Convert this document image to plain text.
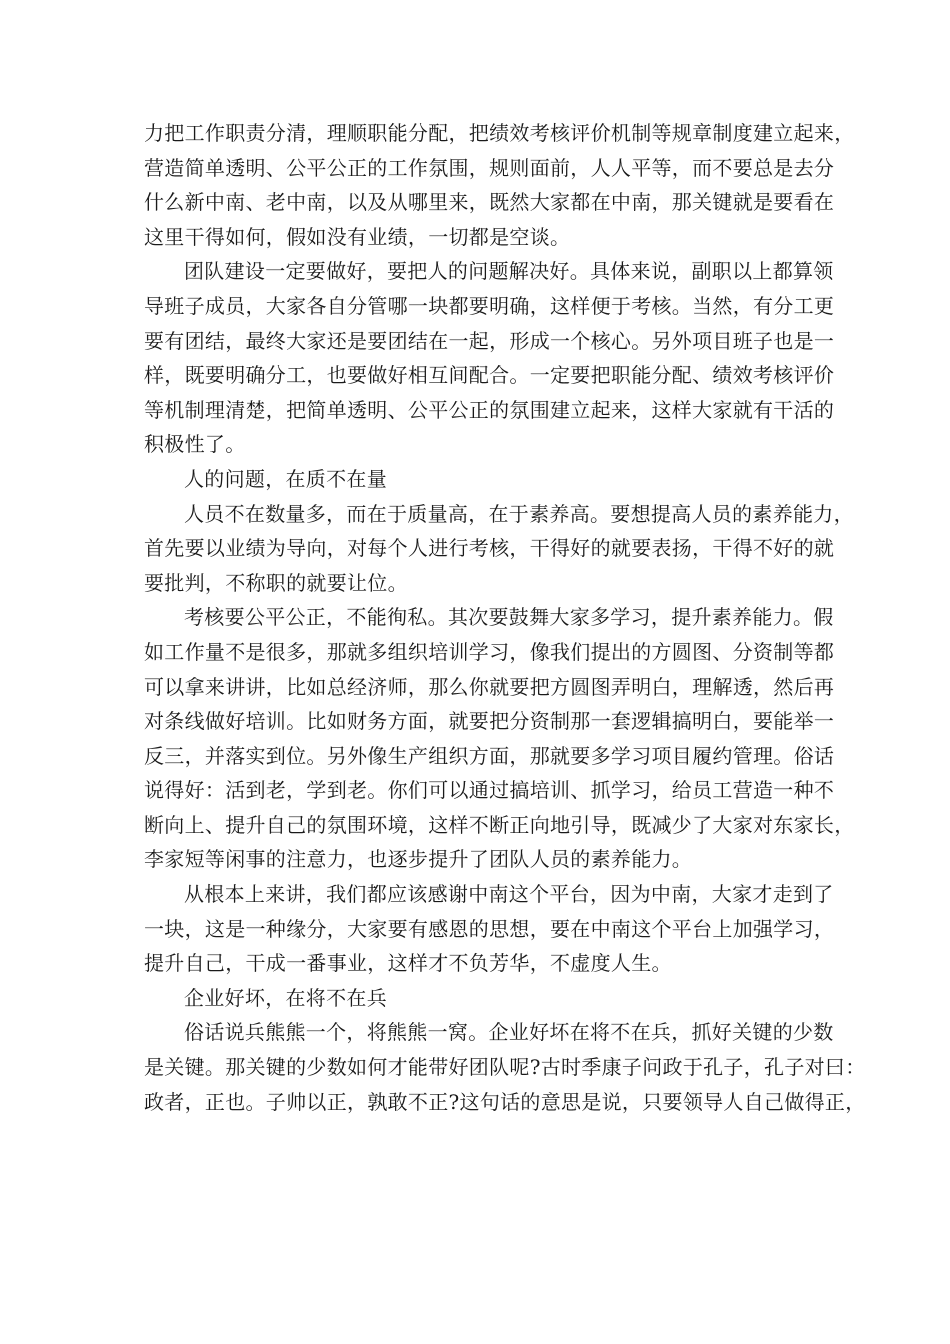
力把工作职责分清，理顺职能分配，把绩效考核评价机制等规章制度建立起来，
营造简单透明、公平公正的工作氛围，规则面前，人人平等，而不要总是去分
什么新中南、老中南，以及从哪里来，既然大家都在中南，那关键就是要看在
这里干得如何，假如没有业绩，一切都是空谈。
团队建设一定要做好，要把人的问题解决好。具体来说，副职以上都算领
导班子成员，大家各自分管哪一块都要明确，这样便于考核。当然，有分工更
要有团结，最终大家还是要团结在一起，形成一个核心。另外项目班子也是一
样，既要明确分工，也要做好相互间配合。一定要把职能分配、绩效考核评价
等机制理清楚，把简单透明、公平公正的氛围建立起来，这样大家就有干活的
积极性了。
人的问题，在质不在量
人员不在数量多，而在于质量高，在于素养高。要想提高人员的素养能力，
首先要以业绩为导向，对每个人进行考核，干得好的就要表扬，干得不好的就
要批判，不称职的就要让位。
考核要公平公正，不能徇私。其次要鼓舞大家多学习，提升素养能力。假
如工作量不是很多，那就多组织培训学习，像我们提出的方圆图、分资制等都
可以拿来讲讲，比如总经济师，那么你就要把方圆图弄明白，理解透，然后再
对条线做好培训。比如财务方面，就要把分资制那一套逻辑搞明白，要能举一
反三，并落实到位。另外像生产组织方面，那就要多学习项目履约管理。俗话
说得好：活到老，学到老。你们可以通过搞培训、抓学习，给员工营造一种不
断向上、提升自己的氛围环境，这样不断正向地引导，既减少了大家对东家长，
李家短等闲事的注意力，也逐步提升了团队人员的素养能力。
从根本上来讲，我们都应该感谢中南这个平台，因为中南，大家才走到了
一块，这是一种缘分，大家要有感恩的思想，要在中南这个平台上加强学习，
提升自己，干成一番事业，这样才不负芳华，不虚度人生。
企业好坏，在将不在兵
俗话说兵熊熊一个，将熊熊一窝。企业好坏在将不在兵，抓好关键的少数
是关键。那关键的少数如何才能带好团队呢?古时季康子问政于孔子，孔子对曰：
政者，正也。子帅以正，孰敢不正?这句话的意思是说，只要领导人自己做得正，
